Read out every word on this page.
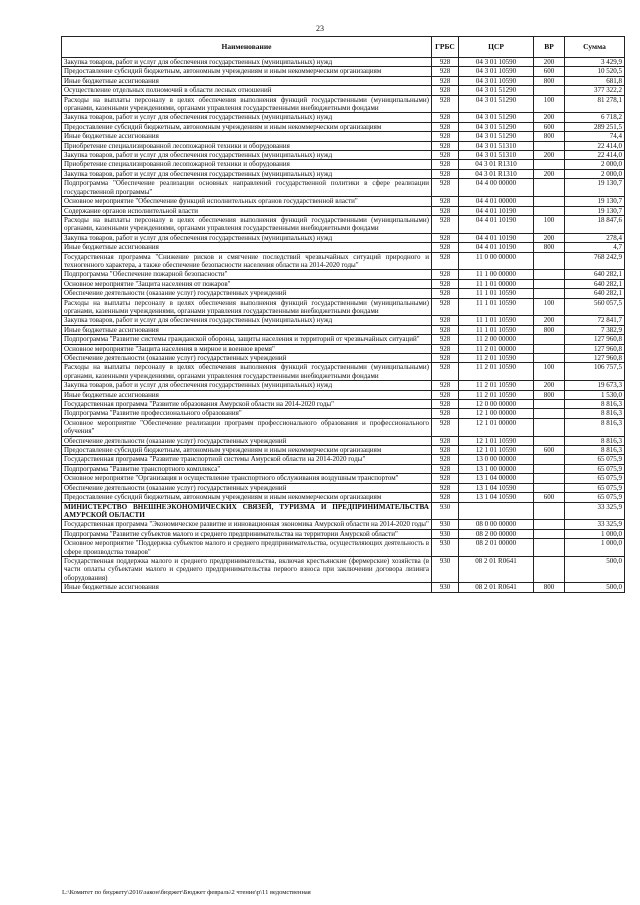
23
Наименование	ГРБС	ЦСР	ВР	Сумма
Закупка товаров, работ и услуг для обеспечения государственных (муниципальных) нужд	928	04 3 01 10590	200	3 429,9
Предоставление субсидий бюджетным, автономным учреждениям и иным некоммерческим организациям	928	04 3 01 10590	600	10 520,5
Иные бюджетные ассигнования	928	04 3 01 10590	800	681,8
Осуществление отдельных полномочий в области лесных отношений	928	04 3 01 51290		377 322,2
Расходы на выплаты персоналу в целях обеспечения выполнения функций государственными (муниципальными) органами, казенными учреждениями, органами управления государственными внебюджетными фондами	928	04 3 01 51290	100	81 278,1
Закупка товаров, работ и услуг для обеспечения государственных (муниципальных) нужд	928	04 3 01 51290	200	6 718,2
Предоставление субсидий бюджетным, автономным учреждениям и иным некоммерческим организациям	928	04 3 01 51290	600	289 251,5
Иные бюджетные ассигнования	928	04 3 01 51290	800	74,4
Приобретение специализированной лесопожарной техники и оборудования	928	04 3 01 51310		22 414,0
Закупка товаров, работ и услуг для обеспечения государственных (муниципальных) нужд	928	04 3 01 51310	200	22 414,0
Приобретение специализированной лесопожарной техники и оборудования	928	04 3 01 R1310		2 000,0
Закупка товаров, работ и услуг для обеспечения государственных (муниципальных) нужд	928	04 3 01 R1310	200	2 000,0
Подпрограмма "Обеспечение реализации основных направлений государственной политики в сфере реализации государственной программы"	928	04 4 00 00000		19 130,7
Основное мероприятие "Обеспечение функций исполнительных органов государственной власти"	928	04 4 01 00000		19 130,7
Содержание органов исполнительной власти	928	04 4 01 10190		19 130,7
Расходы на выплаты персоналу в целях обеспечения выполнения функций государственными (муниципальными) органами, казенными учреждениями, органами управления государственными внебюджетными фондами	928	04 4 01 10190	100	18 847,6
Закупка товаров, работ и услуг для обеспечения государственных (муниципальных) нужд	928	04 4 01 10190	200	278,4
Иные бюджетные ассигнования	928	04 4 01 10190	800	4,7
Государственная программа "Снижение рисков и смягчение последствий чрезвычайных ситуаций природного и техногенного характера, а также обеспечение безопасности населения области на 2014-2020 годы"	928	11 0 00 00000		768 242,9
Подпрограмма "Обеспечение пожарной безопасности"	928	11 1 00 00000		640 282,1
Основное мероприятие "Защита населения от пожаров"	928	11 1 01 00000		640 282,1
Обеспечение деятельности (оказание услуг) государственных учреждений	928	11 1 01 10590		640 282,1
Расходы на выплаты персоналу в целях обеспечения выполнения функций государственными (муниципальными) органами, казенными учреждениями, органами управления государственными внебюджетными фондами	928	11 1 01 10590	100	560 057,5
Закупка товаров, работ и услуг для обеспечения государственных (муниципальных) нужд	928	11 1 01 10590	200	72 841,7
Иные бюджетные ассигнования	928	11 1 01 10590	800	7 382,9
Подпрограмма "Развитие системы гражданской обороны, защиты населения и территорий от чрезвычайных ситуаций"	928	11 2 00 00000		127 960,8
Основное мероприятие "Защита населения в мирное и военное время"	928	11 2 01 00000		127 960,8
Обеспечение деятельности (оказание услуг) государственных учреждений	928	11 2 01 10590		127 960,8
Расходы на выплаты персоналу в целях обеспечения выполнения функций государственными (муниципальными) органами, казенными учреждениями, органами управления государственными внебюджетными фондами	928	11 2 01 10590	100	106 757,5
Закупка товаров, работ и услуг для обеспечения государственных (муниципальных) нужд	928	11 2 01 10590	200	19 673,3
Иные бюджетные ассигнования	928	11 2 01 10590	800	1 530,0
Государственная программа "Развитие образования Амурской области на 2014-2020 годы"	928	12 0 00 00000		8 816,3
Подпрограмма "Развитие профессионального образования"	928	12 1 00 00000		8 816,3
Основное мероприятие "Обеспечение реализации программ профессионального образования и профессионального обучения"	928	12 1 01 00000		8 816,3
Обеспечение деятельности (оказание услуг) государственных учреждений	928	12 1 01 10590		8 816,3
Предоставление субсидий бюджетным, автономным учреждениям и иным некоммерческим организациям	928	12 1 01 10590	600	8 816,3
Государственная программа "Развитие транспортной системы Амурской области на 2014-2020 годы"	928	13 0 00 00000		65 075,9
Подпрограмма "Развитие транспортного комплекса"	928	13 1 00 00000		65 075,9
Основное мероприятие "Организация и осуществление транспортного обслуживания воздушным транспортом"	928	13 1 04 00000		65 075,9
Обеспечение деятельности (оказание услуг) государственных учреждений	928	13 1 04 10590		65 075,9
Предоставление субсидий бюджетным, автономным учреждениям и иным некоммерческим организациям	928	13 1 04 10590	600	65 075,9
МИНИСТЕРСТВО ВНЕШНЕЭКОНОМИЧЕСКИХ СВЯЗЕЙ, ТУРИЗМА И ПРЕДПРИНИМАТЕЛЬСТВА АМУРСКОЙ ОБЛАСТИ	930			33 325,9
Государственная программа "Экономическое развитие и инновационная экономика Амурской области на 2014-2020 годы"	930	08 0 00 00000		33 325,9
Подпрограмма "Развитие субъектов малого и среднего предпринимательства на территории Амурской области"	930	08 2 00 00000		1 000,0
Основное мероприятие "Поддержка субъектов малого и среднего предпринимательства, осуществляющих деятельность в сфере производства товаров"	930	08 2 01 00000		1 000,0
Государственная поддержка малого и среднего предпринимательства, включая крестьянские (фермерские) хозяйства (в части оплаты субъектами малого и среднего предпринимательства первого взноса при заключении договора лизинга оборудования)	930	08 2 01 R0641		500,0
Иные бюджетные ассигнования	930	08 2 01 R0641	800	500,0
L:\Комитет по бюджету\2016\закон\бюджет\Бюджет февраль\2 чтение\p\11 ведомственная
